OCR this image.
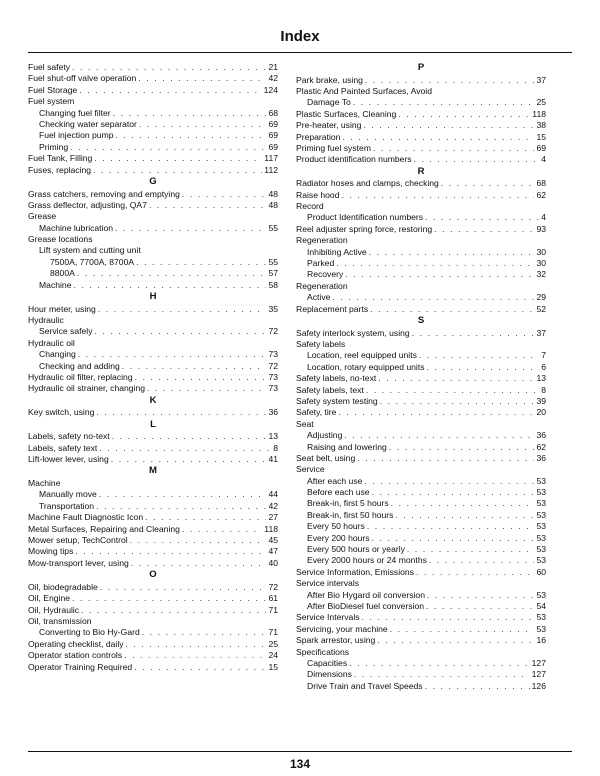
Index
Fuel safety . . .	21
Fuel shut-off valve operation . . .	42
Fuel Storage . . .	124
Fuel system
Changing fuel filter . . .	68
Checking water separator . . .	69
Fuel injection pump . . .	69
Priming . . .	69
Fuel Tank, Filling . . .	117
Fuses, replacing . . .	112
G
Grass catchers, removing and emptying . . .	48
Grass deflector, adjusting, QA7 . . .	48
Grease
Machine lubrication . . .	55
Grease locations
Lift system and cutting unit
7500A, 7700A, 8700A . . .	55
8800A . . .	57
Machine . . .	58
H
Hour meter, using . . .	35
Hydraulic
Service safely . . .	72
Hydraulic oil
Changing . . .	73
Checking and adding . . .	72
Hydraulic oil filter, replacing . . .	73
Hydraulic oil strainer, changing . . .	73
K
Key switch, using . . .	36
L
Labels, safety no-text . . .	13
Labels, safety text . . .	8
Lift-lower lever, using . . .	41
M
Machine
Manually move . . .	44
Transportation . . .	42
Machine Fault Diagnostic Icon . . .	27
Metal Surfaces, Repairing and Cleaning . . .	118
Mower setup, TechControl . . .	45
Mowing tips . . .	47
Mow-transport lever, using . . .	40
O
Oil, biodegradable . . .	72
Oil, Engine . . .	61
Oil, Hydraulic . . .	71
Oil, transmission
Converting to Bio Hy-Gard . . .	71
Operating checklist, daily . . .	25
Operator station controls . . .	24
Operator Training Required . . .	15
P
Park brake, using . . .	37
Plastic And Painted Surfaces, Avoid
Damage To . . .	25
Plastic Surfaces, Cleaning . . .	118
Pre-heater, using . . .	38
Preparation . . .	15
Priming fuel system . . .	69
Product identification numbers . . .	4
R
Radiator hoses and clamps, checking . . .	68
Raise hood . . .	62
Record
Product Identification numbers . . .	4
Reel adjuster spring force, restoring . . .	93
Regeneration
Inhibiting Active . . .	30
Parked . . .	30
Recovery . . .	32
Regeneration
Active . . .	29
Replacement parts . . .	52
S
Safety interlock system, using . . .	37
Safety labels
Location, reel equipped units . . .	7
Location, rotary equipped units . . .	6
Safety labels, no-text . . .	13
Safety labels, text . . .	8
Safety system testing . . .	39
Safety, tire . . .	20
Seat
Adjusting . . .	36
Raising and lowering . . .	62
Seat belt, using . . .	36
Service
After each use . . .	53
Before each use . . .	53
Break-in, first 5 hours . . .	53
Break-in, first 50 hours . . .	53
Every 50 hours . . .	53
Every 200 hours . . .	53
Every 500 hours or yearly . . .	53
Every 2000 hours or 24 months . . .	53
Service Information, Emissions . . .	60
Service intervals
After Bio Hygard oil conversion . . .	53
After BioDiesel fuel conversion . . .	54
Service Intervals . . .	53
Servicing, your machine . . .	53
Spark arrestor, using . . .	16
Specifications
Capacities . . .	127
Dimensions . . .	127
Drive Train and Travel Speeds . . .	126
134
